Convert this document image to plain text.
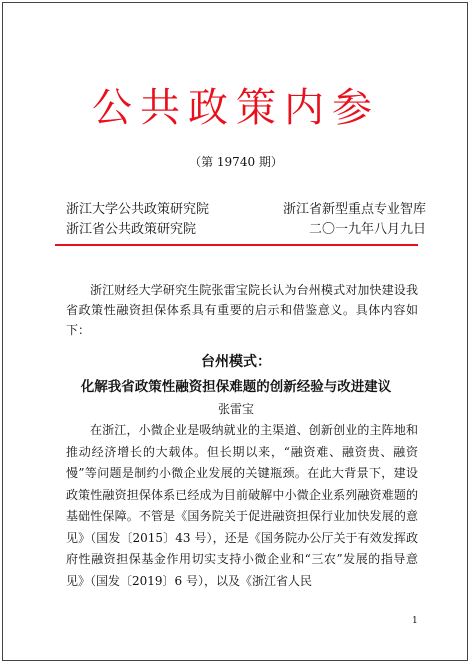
公共政策内参
（第 19740 期）
浙江大学公共政策研究院	浙江省新型重点专业智库
浙江省公共政策研究院	二〇一九年八月九日

浙江财经大学研究生院张雷宝院长认为台州模式对加快建设我省政策性融资担保体系具有重要的启示和借鉴意义。具体内容如下：

台州模式：
化解我省政策性融资担保难题的创新经验与改进建议
张雷宝

在浙江，小微企业是吸纳就业的主渠道、创新创业的主阵地和推动经济增长的大载体。但长期以来，“融资难、融资贵、融资慢”等问题是制约小微企业发展的关键瓶颈。在此大背景下，建设政策性融资担保体系已经成为目前破解中小微企业系列融资难题的基础性保障。不管是《国务院关于促进融资担保行业加快发展的意见》（国发〔2015〕43 号），还是《国务院办公厅关于有效发挥政府性融资担保基金作用切实支持小微企业和“三农”发展的指导意见》（国发〔2019〕6 号），以及《浙江省人民

1
